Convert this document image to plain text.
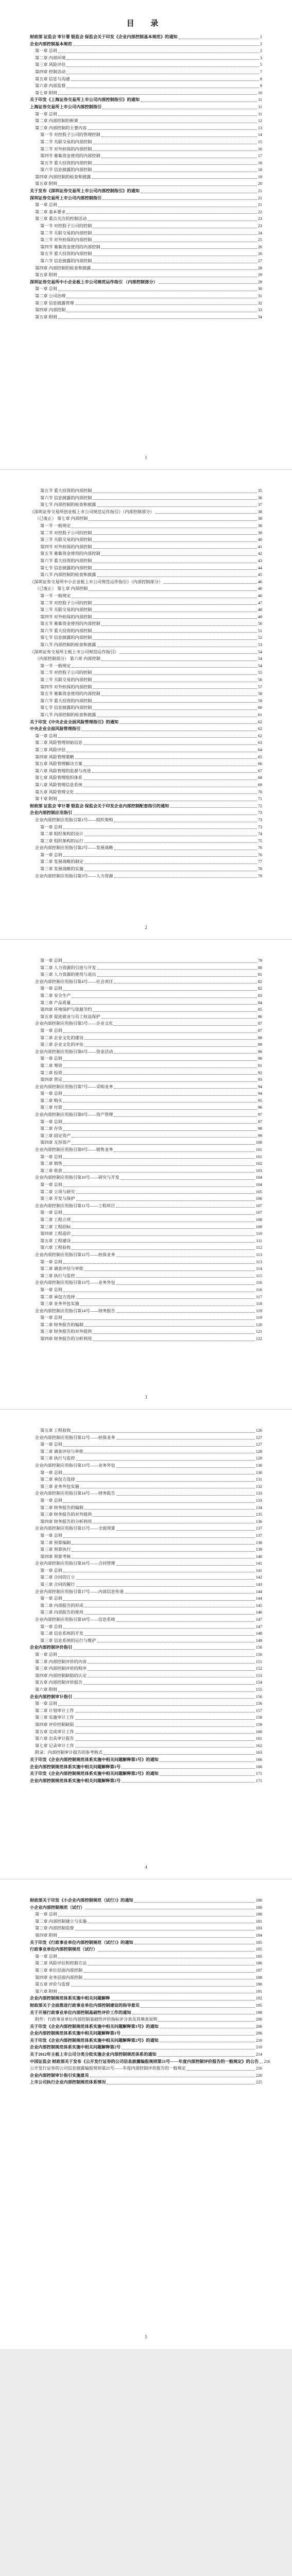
目 录
财政部 证监会 审计署 银监会 保监会关于印发《企业内部控制基本规范》的通知	1
企业内部控制基本规范	2
第一章 总则	2
第二章 内部环境	3
第三章 风险评估	5
第四章 控制活动	7
第五章 信息与沟通	8
第六章 内部监督	9
第七章 附则	10
关于印发《上海证券交易所上市公司内部控制指引》的通知	11
上海证券交易所上市公司内部控制指引	11
第一章 总则	11
第二章 内部控制的框架	12
第三章 内部控制的主要内容	13
第一节 对控股子公司的管理控制	14
第二节 关联交易的内部控制	15
第三节 对外担保的内部控制	16
第四节 募集资金使用的内部控制	17
第五节 重大投资的内部控制	18
第六节 信息披露的内部控制	18
第四章 内部控制的检查和披露	19
第五章 附则	20
关于发布《深圳证券交易所上市公司内部控制指引》的通知	21
深圳证券交易所上市公司内部控制指引	21
第一章 总则	21
第二章 基本要求	22
第三章 重点关注的控制活动	23
第一节 对控股子公司的控制	23
第二节 关联交易的内部控制	24
第三节 对外担保的内部控制	25
第四节 募集资金使用的内部控制	26
第五节 重大投资的内部控制	26
第六节 信息披露的内部控制	27
第四章 内部控制的检查和披露	28
第五章 附则	29
深圳证券交易所中小企业板上市公司规范运作指引 （内部控制部分）	29
第一章 总则	30
第二章 公司治理	31
第三章 信息披露管理	32
第四章 内部控制	33
第五章 附则	34
1
第五节 重大投资的内部控制	35
第六节 信息披露的内部控制	36
第七节 内部控制的检查和披露	37
《深圳证券交易所创业板上市公司规范运作指引》（内部控制部分）	38
（已废止） 第七章 内部控制	38
第一节 一般规定	38
第二节 对控股子公司的控制	39
第三节 关联交易的内部控制	40
第四节 对外担保的内部控制	41
第五节 募集资金使用的内部控制	42
第六节 重大投资的内部控制	43
第七节 信息披露的内部控制	44
第八节 内部控制的检查和披露	45
《深圳证券交易所中小企业板上市公司规范运作指引》（内部控制部分）	46
（已废止） 第七章 内部控制	46
第一节 一般规定	46
第二节 对控股子公司的控制	47
第三节 关联交易的内部控制	48
第四节 对外担保的内部控制	49
第五节 募集资金使用的内部控制	50
第六节 重大投资的内部控制	51
第七节 信息披露的内部控制	52
第八节 内部控制的检查和披露	53
《深圳证券交易所主板上市公司规范运作指引》	54
（内部控制部分） 第六章 内部控制	54
第一节 一般规定	54
第二节 对控股子公司的控制	55
第三节 关联交易的内部控制	56
第四节 对外担保的内部控制	57
第五节 募集资金使用的内部控制	58
第六节 重大投资的内部控制	59
第七节 信息披露的内部控制	60
第八节 内部控制的检查和披露	61
关于印发《中央企业全面风险管理指引》的通知	62
中央企业全面风险管理指引	62
第一章 总则	62
第二章 风险管理初始信息	63
第三章 风险评估	64
第四章 风险管理策略	65
第五章 风险管理解决方案	66
第六章 风险管理的监督与改进	67
第七章 风险管理组织体系	68
第八章 风险管理信息系统	69
第九章 风险管理文化	70
第十章 附则	71
财政部 证监会 审计署 银监会 保监会关于印发企业内部控制配套指引的通知	72
企业内部控制应用指引	73
企业内部控制应用指引第1号——组织架构	73
第一章 总则	73
第二章 组织架构的设计	74
第三章 组织架构的运行	75
企业内部控制应用指引第2号——发展战略	76
第一章 总则	76
第二章 发展战略的制定	77
第三章 发展战略的实施	78
企业内部控制应用指引第3号——人力资源	79
2
第一章 总则	79
第二章 人力资源的引进与开发	80
第三章 人力资源的使用与退出	81
企业内部控制应用指引第4号——社会责任	82
第一章 总则	82
第二章 安全生产	83
第三章 产品质量	84
第四章 环境保护与资源节约	85
第五章 促进就业与员工权益保护	86
企业内部控制应用指引第5号——企业文化	87
第一章 总则	87
第二章 企业文化的建设	88
第三章 企业文化的评估	89
企业内部控制应用指引第6号——资金活动	90
第一章 总则	90
第二章 筹资	91
第三章 投资	92
第四章 营运	93
企业内部控制应用指引第7号——采购业务	94
第一章 总则	94
第二章 购买	95
第三章 付款	96
企业内部控制应用指引第8号——资产管理	97
第一章 总则	97
第二章 存货	98
第三章 固定资产	99
第四章 无形资产	100
企业内部控制应用指引第9号——销售业务	101
第一章 总则	101
第二章 销售	102
第三章 收款	103
企业内部控制应用指引第10号——研究与开发	104
第一章 总则	104
第二章 立项与研究	105
第三章 开发与保护	106
企业内部控制应用指引第11号——工程项目	107
第一章 总则	107
第二章 工程立项	108
第三章 工程招标	109
第四章 工程造价	110
第五章 工程建设	111
第六章 工程验收	112
企业内部控制应用指引第12号——担保业务	113
第一章 总则	113
第二章 调查评估与审批	114
第三章 执行与监控	115
企业内部控制应用指引第13号——业务外包	116
第一章 总则	116
第二章 承包方选择	117
第三章 业务外包实施	118
企业内部控制应用指引第14号——财务报告	119
第一章 总则	119
第二章 财务报告的编制	120
第三章 财务报告的对外提供	121
第四章 财务报告的分析利用	122
3
第五章 工程验收	126
企业内部控制应用指引第12号——担保业务	127
第一章 总则	127
第二章 调查评估与审批	128
第三章 执行与监控	129
企业内部控制应用指引第13号——业务外包	130
第一章 总则	130
第二章 承包方选择	131
第三章 业务外包实施	132
企业内部控制应用指引第14号——财务报告	133
第一章 总则	133
第二章 财务报告的编制	134
第三章 财务报告的对外提供	135
第四章 财务报告的分析利用	136
企业内部控制应用指引第15号——全面预算	137
第一章 总则	137
第二章 预算编制	138
第三章 预算执行	139
第四章 预算考核	140
企业内部控制应用指引第16号——合同管理	141
第一章 总则	141
第二章 合同的订立	142
第三章 合同的履行	143
企业内部控制应用指引第17号——内部信息传递	144
第一章 总则	144
第二章 内部报告的形成	145
第三章 内部报告的使用	146
企业内部控制应用指引第18号——信息系统	147
第一章 总则	147
第二章 信息系统的开发	148
第三章 信息系统的运行与维护	149
企业内部控制评价指引	150
第一章 总则	150
第二章 内部控制评价的内容	151
第三章 内部控制评价的程序	152
第四章 内部控制缺陷的认定	153
第五章 内部控制评价报告	154
第六章 附则	155
企业内部控制审计指引	156
第一章 总则	156
第二章 计划审计工作	157
第三章 实施审计工作	158
第四章 评价控制缺陷	159
第五章 完成审计工作	160
第六章 出具审计报告	161
第七章 记录审计工作	162
附录：内部控制审计报告的参考格式	163
关于印发《企业内部控制规范体系实施中相关问题解释第1号》的通知	166
企业内部控制规范体系实施中相关问题解释第1号	166
关于印发《企业内部控制规范体系实施中相关问题解释第2号》的通知	171
企业内部控制规范体系实施中相关问题解释第2号	171
4
财政部关于印发《小企业内部控制规范（试行）》的通知	180
小企业内部控制规范（试行）	180
第一章 总则	180
第二章 内部控制建立与实施	181
第三章 内部控制监督	183
第四章 附则	184
关于印发《行政事业单位内部控制规范（试行）》的通知	185
行政事业单位内部控制规范（试行）	185
第一章 总则	185
第二章 风险评估和控制方法	186
第三章 单位层面内部控制	187
第四章 业务层面内部控制	188
第五章 评价与监督	190
第六章 附则	191
企业内部控制规范体系实施中相关问题解释	192
财政部关于全面推进行政事业单位内部控制建设的指导意见	195
关于开展行政事业单位内部控制基础性评价工作的通知	198
附件：行政事业单位内部控制基础性评价指标评分表及其填表说明	200
关于印发《企业内部控制规范体系实施中相关问题解释第1号》的通知	206
企业内部控制规范体系实施中相关问题解释第1号	206
关于印发《企业内部控制规范体系实施中相关问题解释第2号》的通知	210
企业内部控制规范体系实施中相关问题解释第2号	210
关于2012年主板上市公司分类分批实施企业内部控制规范体系的通知	214
中国证监会 财政部关于发布《公开发行证券的公司信息披露编报规则第21号——年度内部控制评价报告的一般规定》的公告 216
公开发行证券的公司信息披露编报规则第21号——年度内部控制评价报告的一般规定	216
企业内部控制审计指引实施意见	220
上市公司执行企业内部控制规范体系情况	225
5
